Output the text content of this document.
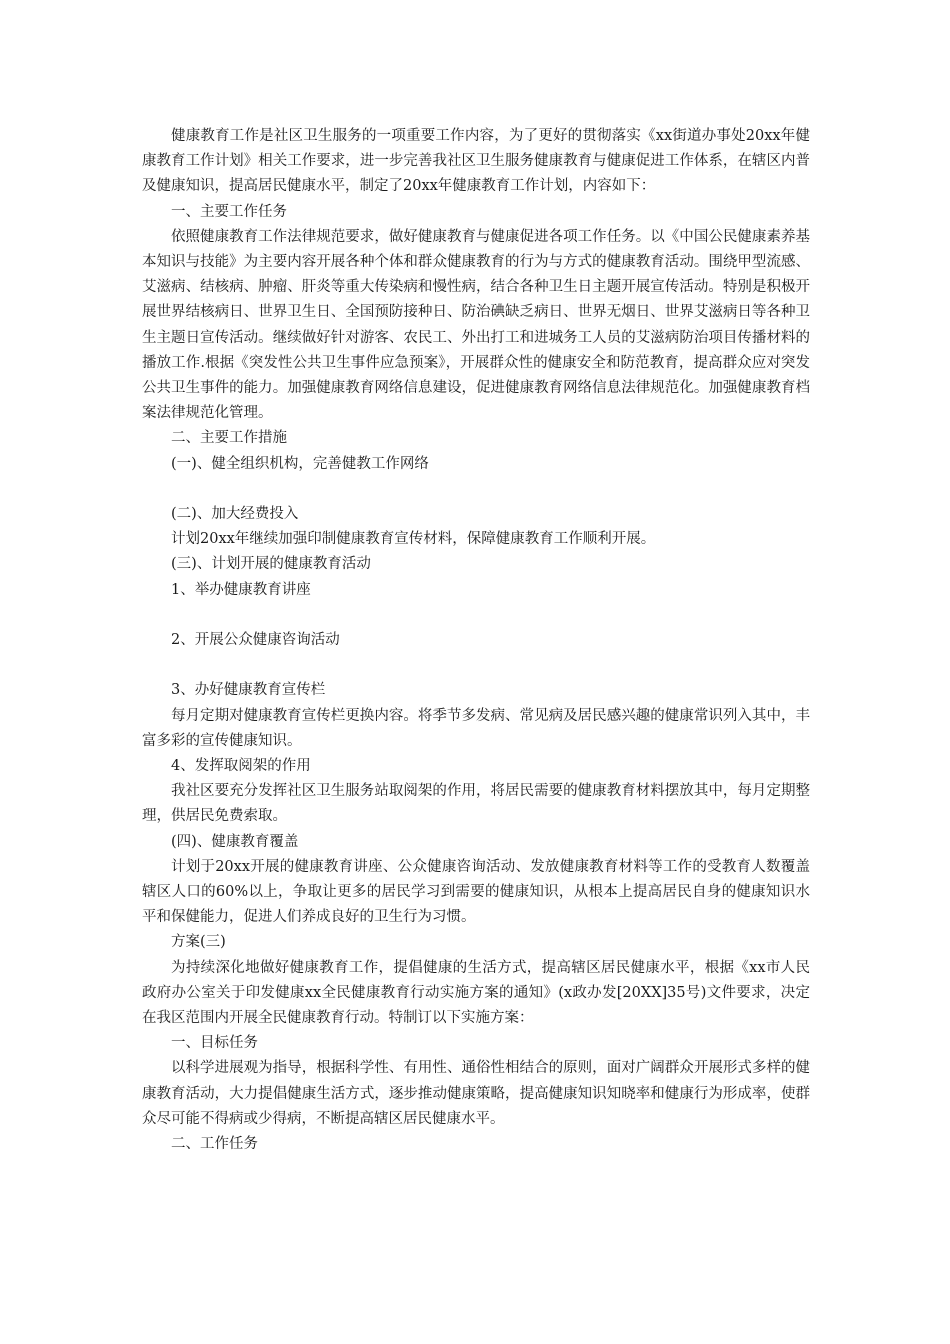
健康教育工作是社区卫生服务的一项重要工作内容，为了更好的贯彻落实《xx街道办事处20xx年健康教育工作计划》相关工作要求，进一步完善我社区卫生服务健康教育与健康促进工作体系，在辖区内普及健康知识，提高居民健康水平，制定了20xx年健康教育工作计划，内容如下：

一、主要工作任务

依照健康教育工作法律规范要求，做好健康教育与健康促进各项工作任务。以《中国公民健康素养基本知识与技能》为主要内容开展各种个体和群众健康教育的行为与方式的健康教育活动。围绕甲型流感、艾滋病、结核病、肿瘤、肝炎等重大传染病和慢性病，结合各种卫生日主题开展宣传活动。特别是积极开展世界结核病日、世界卫生日、全国预防接种日、防治碘缺乏病日、世界无烟日、世界艾滋病日等各种卫生主题日宣传活动。继续做好针对游客、农民工、外出打工和进城务工人员的艾滋病防治项目传播材料的播放工作.根据《突发性公共卫生事件应急预案》，开展群众性的健康安全和防范教育，提高群众应对突发公共卫生事件的能力。加强健康教育网络信息建设，促进健康教育网络信息法律规范化。加强健康教育档案法律规范化管理。

二、主要工作措施

(一)、健全组织机构，完善健教工作网络

(二)、加大经费投入

计划20xx年继续加强印制健康教育宣传材料，保障健康教育工作顺利开展。

(三)、计划开展的健康教育活动

1、举办健康教育讲座

2、开展公众健康咨询活动

3、办好健康教育宣传栏

每月定期对健康教育宣传栏更换内容。将季节多发病、常见病及居民感兴趣的健康常识列入其中，丰富多彩的宣传健康知识。

4、发挥取阅架的作用

我社区要充分发挥社区卫生服务站取阅架的作用，将居民需要的健康教育材料摆放其中，每月定期整理，供居民免费索取。

(四)、健康教育覆盖

计划于20xx开展的健康教育讲座、公众健康咨询活动、发放健康教育材料等工作的受教育人数覆盖辖区人口的60%以上，争取让更多的居民学习到需要的健康知识，从根本上提高居民自身的健康知识水平和保健能力，促进人们养成良好的卫生行为习惯。

方案(三)

为持续深化地做好健康教育工作，提倡健康的生活方式，提高辖区居民健康水平，根据《xx市人民政府办公室关于印发健康xx全民健康教育行动实施方案的通知》(x政办发[20XX]35号)文件要求，决定在我区范围内开展全民健康教育行动。特制订以下实施方案：

一、目标任务

以科学进展观为指导，根据科学性、有用性、通俗性相结合的原则，面对广阔群众开展形式多样的健康教育活动，大力提倡健康生活方式，逐步推动健康策略，提高健康知识知晓率和健康行为形成率，使群众尽可能不得病或少得病，不断提高辖区居民健康水平。

二、工作任务
